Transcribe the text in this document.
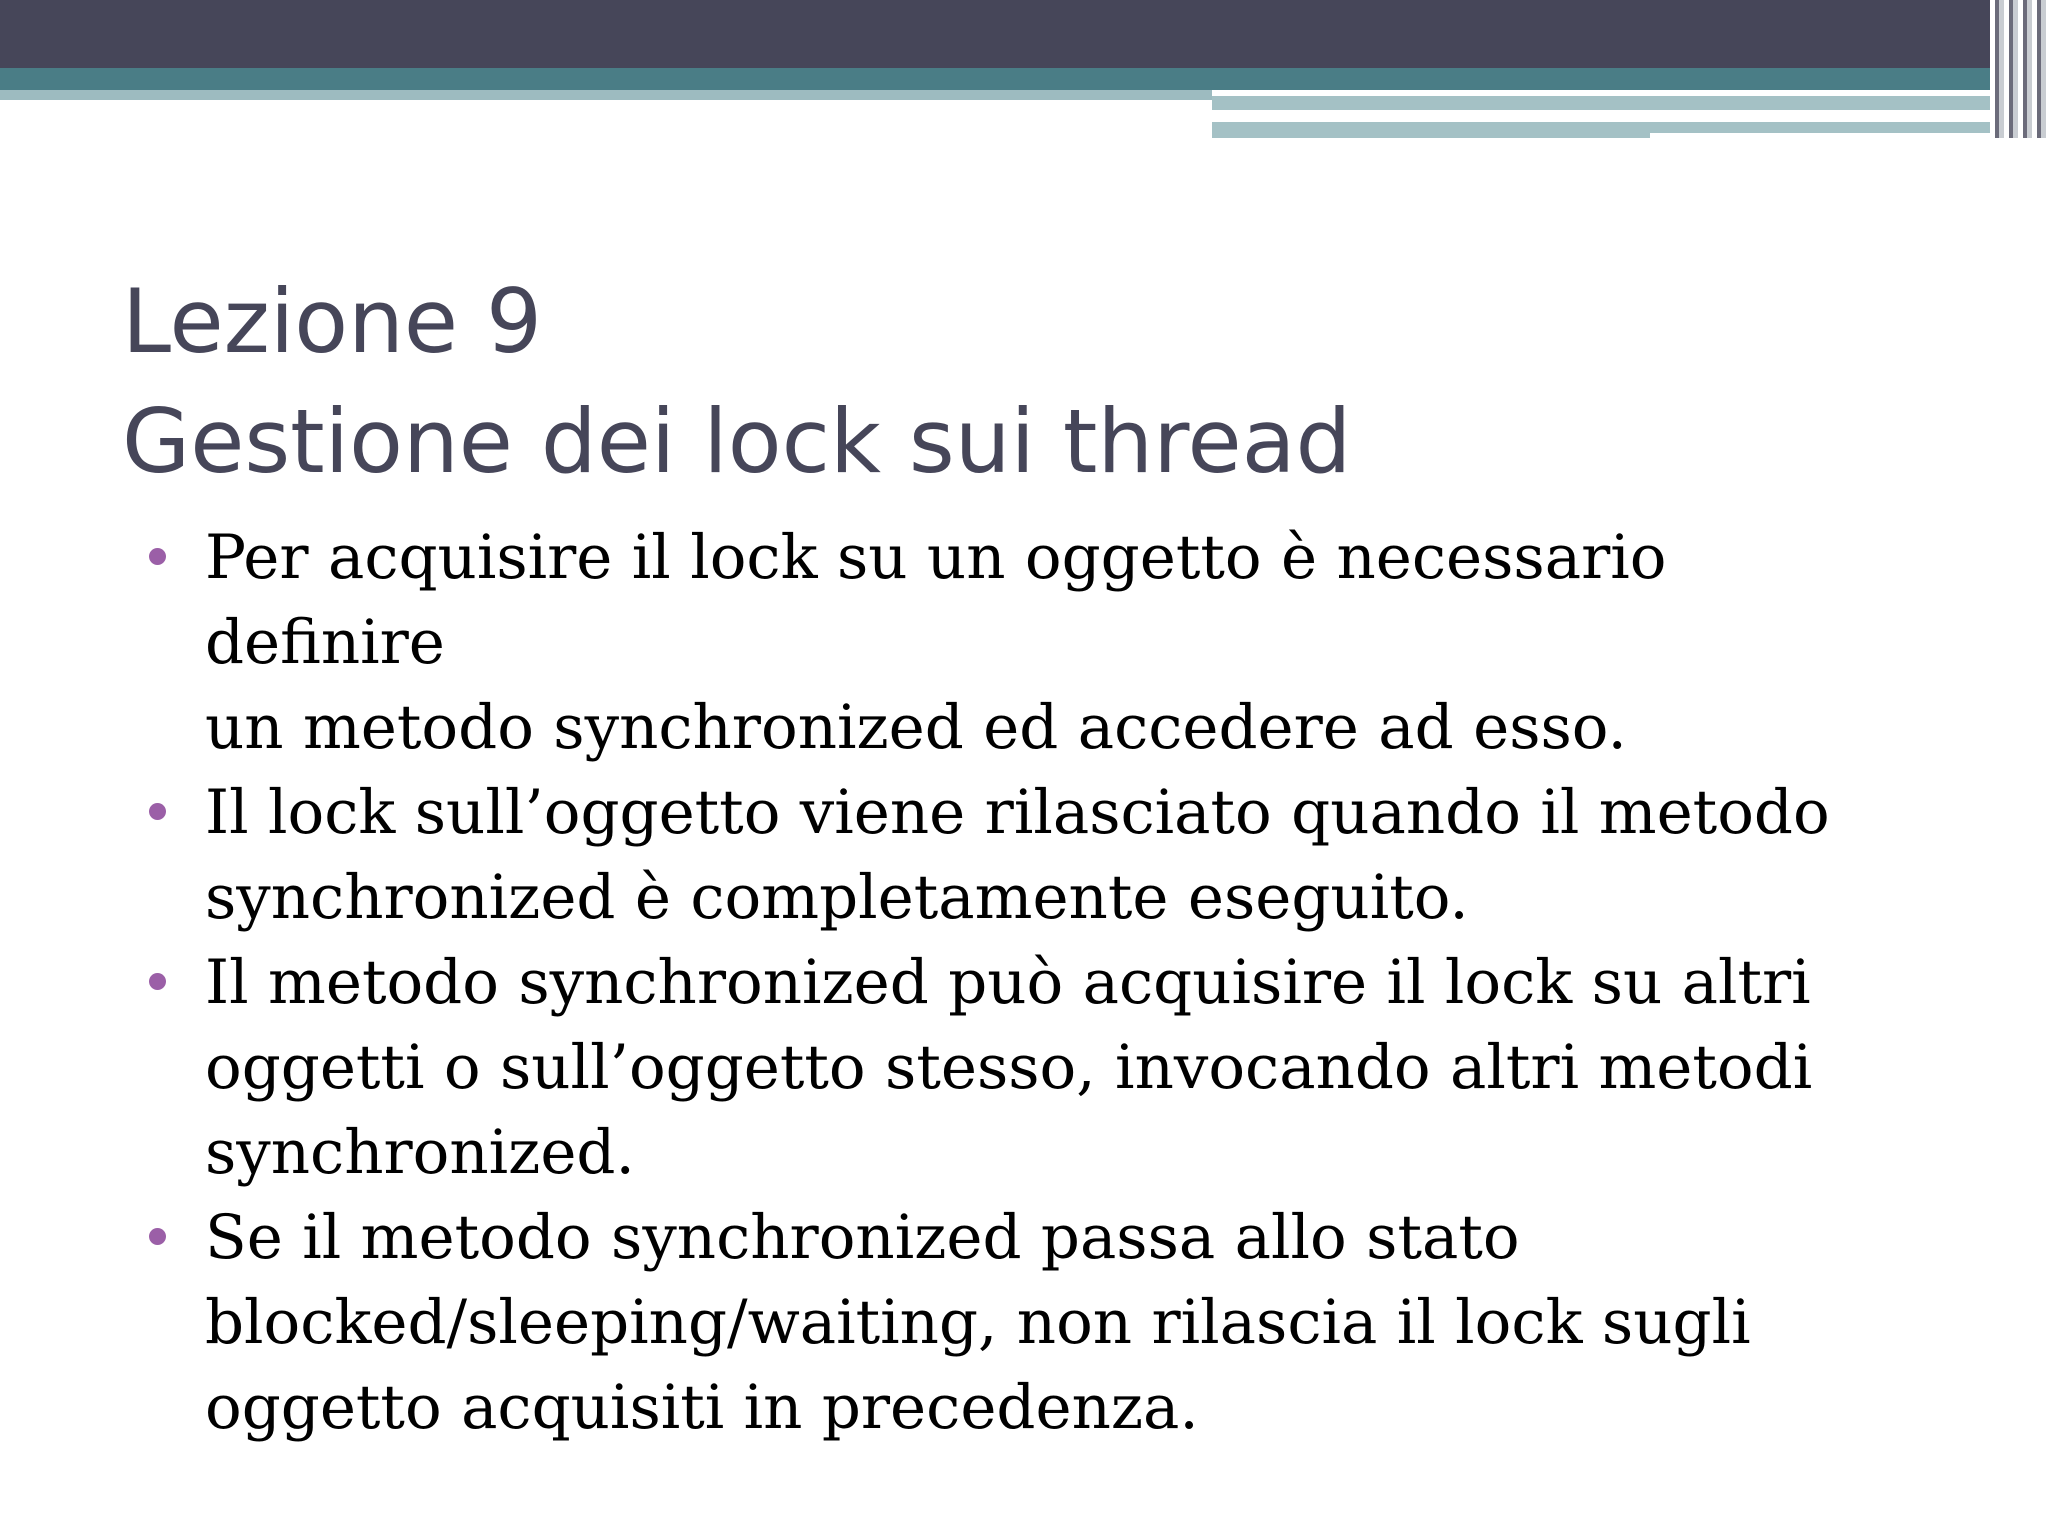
Lezione 9
Gestione dei lock sui thread
Per acquisire il lock su un oggetto è necessario definire
un metodo synchronized ed accedere ad esso.
Il lock sull’oggetto viene rilasciato quando il metodo
synchronized è completamente eseguito.
Il metodo synchronized può acquisire il lock su altri
oggetti o sull’oggetto stesso, invocando altri metodi
synchronized.
Se il metodo synchronized passa allo stato
blocked/sleeping/waiting, non rilascia il lock sugli
oggetto acquisiti in precedenza.
